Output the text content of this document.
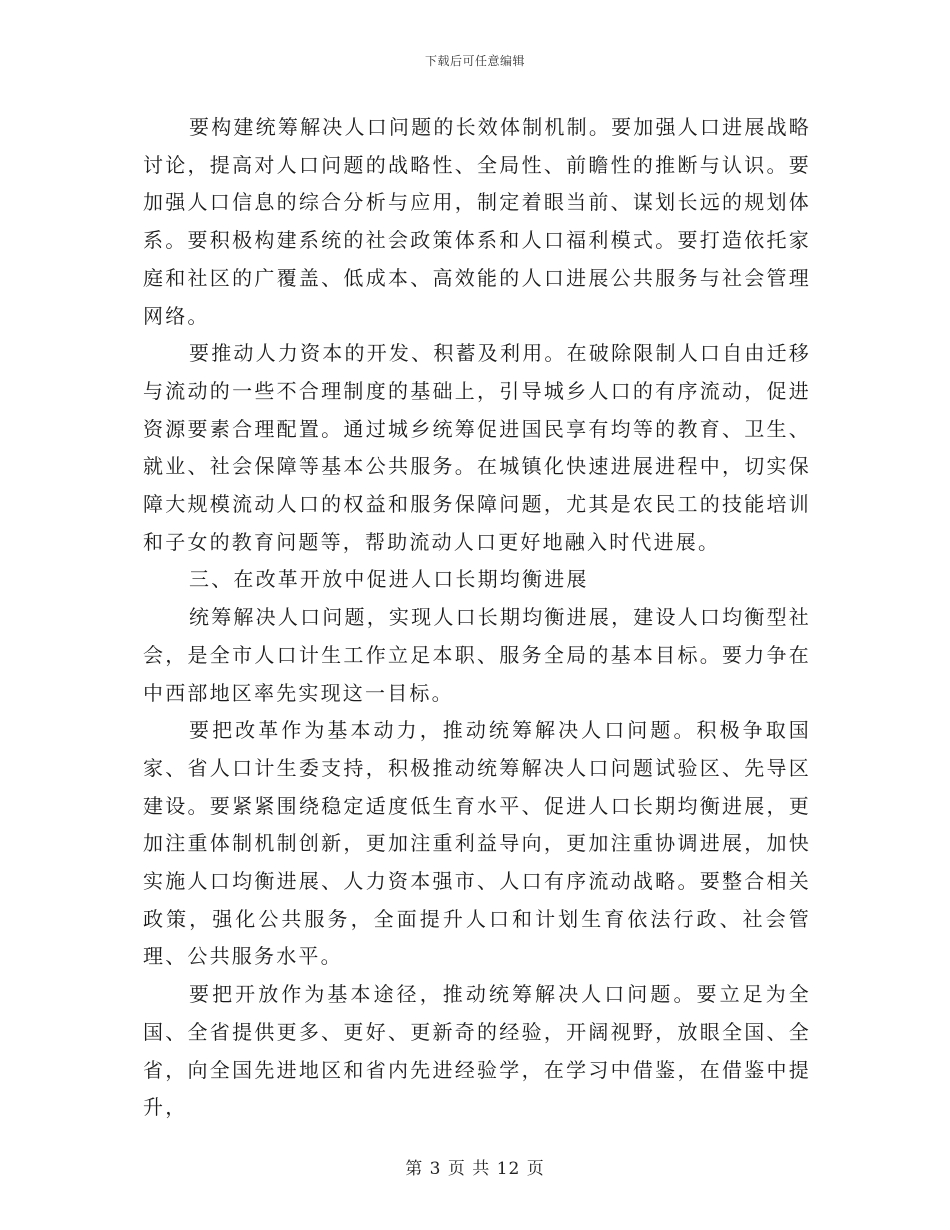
下载后可任意编辑

要构建统筹解决人口问题的长效体制机制。要加强人口进展战略讨论，提高对人口问题的战略性、全局性、前瞻性的推断与认识。要加强人口信息的综合分析与应用，制定着眼当前、谋划长远的规划体系。要积极构建系统的社会政策体系和人口福利模式。要打造依托家庭和社区的广覆盖、低成本、高效能的人口进展公共服务与社会管理网络。

要推动人力资本的开发、积蓄及利用。在破除限制人口自由迁移与流动的一些不合理制度的基础上，引导城乡人口的有序流动，促进资源要素合理配置。通过城乡统筹促进国民享有均等的教育、卫生、就业、社会保障等基本公共服务。在城镇化快速进展进程中，切实保障大规模流动人口的权益和服务保障问题，尤其是农民工的技能培训和子女的教育问题等，帮助流动人口更好地融入时代进展。

三、在改革开放中促进人口长期均衡进展

统筹解决人口问题，实现人口长期均衡进展，建设人口均衡型社会，是全市人口计生工作立足本职、服务全局的基本目标。要力争在中西部地区率先实现这一目标。

要把改革作为基本动力，推动统筹解决人口问题。积极争取国家、省人口计生委支持，积极推动统筹解决人口问题试验区、先导区建设。要紧紧围绕稳定适度低生育水平、促进人口长期均衡进展，更加注重体制机制创新，更加注重利益导向，更加注重协调进展，加快实施人口均衡进展、人力资本强市、人口有序流动战略。要整合相关政策，强化公共服务，全面提升人口和计划生育依法行政、社会管理、公共服务水平。

要把开放作为基本途径，推动统筹解决人口问题。要立足为全国、全省提供更多、更好、更新奇的经验，开阔视野，放眼全国、全省，向全国先进地区和省内先进经验学，在学习中借鉴，在借鉴中提升，

第 3 页 共 12 页
